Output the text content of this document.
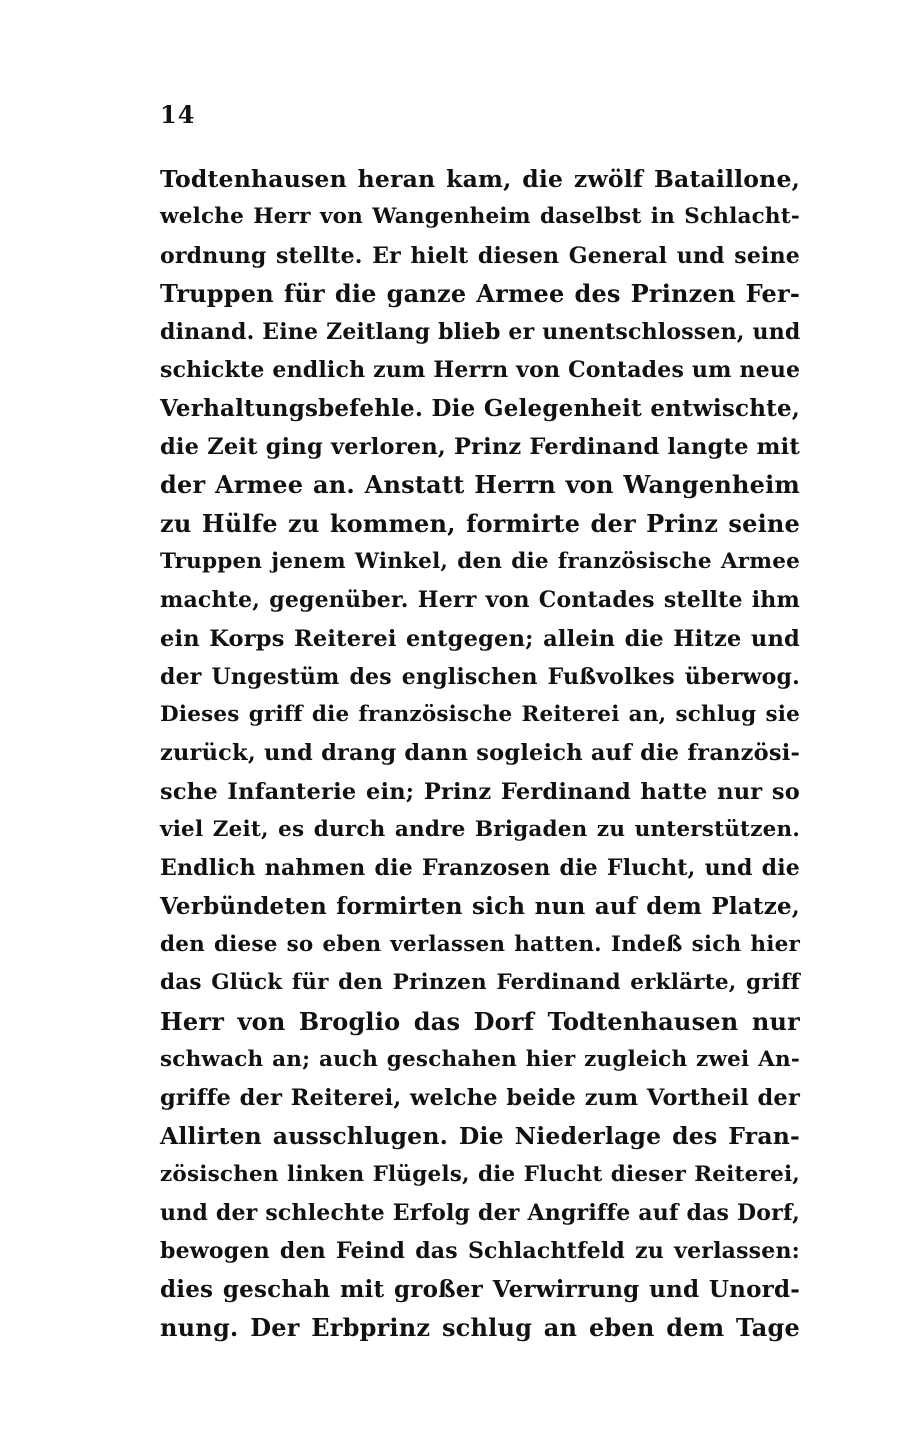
14
Todtenhausen heran kam, die zwölf Bataillone,
welche Herr von Wangenheim daselbst in Schlacht-
ordnung stellte. Er hielt diesen General und seine
Truppen für die ganze Armee des Prinzen Fer-
dinand. Eine Zeitlang blieb er unentschlossen, und
schickte endlich zum Herrn von Contades um neue
Verhaltungsbefehle. Die Gelegenheit entwischte,
die Zeit ging verloren, Prinz Ferdinand langte mit
der Armee an. Anstatt Herrn von Wangenheim
zu Hülfe zu kommen, formirte der Prinz seine
Truppen jenem Winkel, den die französische Armee
machte, gegenüber. Herr von Contades stellte ihm
ein Korps Reiterei entgegen; allein die Hitze und
der Ungestüm des englischen Fußvolkes überwog.
Dieses griff die französische Reiterei an, schlug sie
zurück, und drang dann sogleich auf die französi-
sche Infanterie ein; Prinz Ferdinand hatte nur so
viel Zeit, es durch andre Brigaden zu unterstützen.
Endlich nahmen die Franzosen die Flucht, und die
Verbündeten formirten sich nun auf dem Platze,
den diese so eben verlassen hatten. Indeß sich hier
das Glück für den Prinzen Ferdinand erklärte, griff
Herr von Broglio das Dorf Todtenhausen nur
schwach an; auch geschahen hier zugleich zwei An-
griffe der Reiterei, welche beide zum Vortheil der
Allirten ausschlugen. Die Niederlage des Fran-
zösischen linken Flügels, die Flucht dieser Reiterei,
und der schlechte Erfolg der Angriffe auf das Dorf,
bewogen den Feind das Schlachtfeld zu verlassen:
dies geschah mit großer Verwirrung und Unord-
nung. Der Erbprinz schlug an eben dem Tage
